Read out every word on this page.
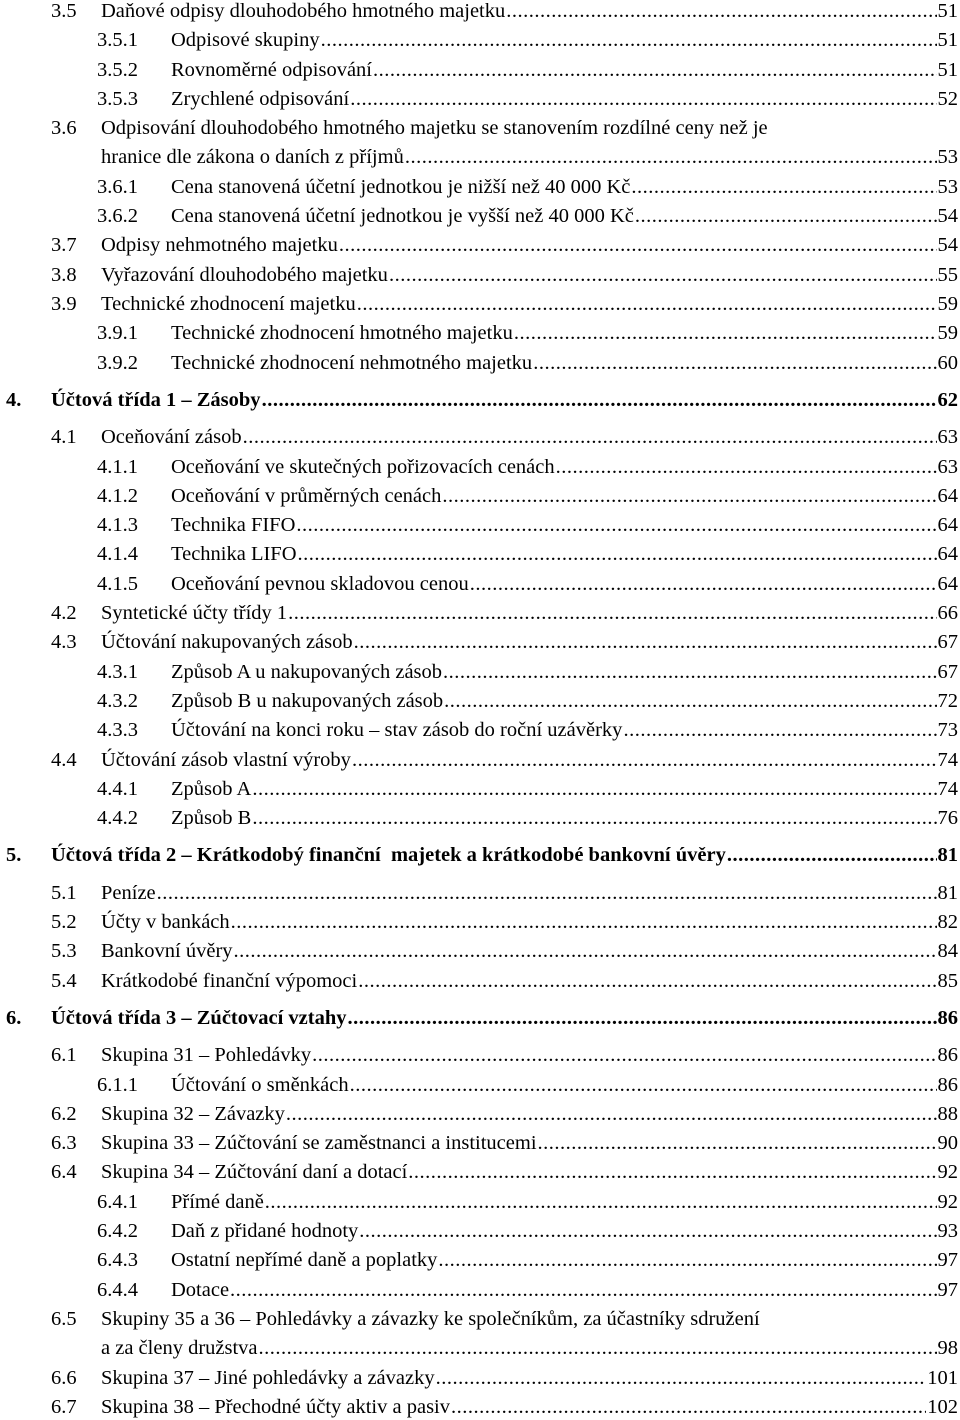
3.5 Daňové odpisy dlouhodobého hmotného majetku .....	51
3.5.1 Odpisové skupiny .....	51
3.5.2 Rovnoměrné odpisování .....	51
3.5.3 Zrychlené odpisování .....	52
3.6 Odpisování dlouhodobého hmotného majetku se stanovením rozdílné ceny než je
hranice dle zákona o daních z příjmů .....	53
3.6.1 Cena stanovená účetní jednotkou je nižší než 40 000 Kč .....	53
3.6.2 Cena stanovená účetní jednotkou je vyšší než 40 000 Kč .....	54
3.7 Odpisy nehmotného majetku .....	54
3.8 Vyřazování dlouhodobého majetku .....	55
3.9 Technické zhodnocení majetku .....	59
3.9.1 Technické zhodnocení hmotného majetku .....	59
3.9.2 Technické zhodnocení nehmotného majetku .....	60
4. Účtová třída 1 – Zásoby .....	62
4.1 Oceňování zásob .....	63
4.1.1 Oceňování ve skutečných pořizovacích cenách .....	63
4.1.2 Oceňování v průměrných cenách .....	64
4.1.3 Technika FIFO .....	64
4.1.4 Technika LIFO .....	64
4.1.5 Oceňování pevnou skladovou cenou .....	64
4.2 Syntetické účty třídy 1 .....	66
4.3 Účtování nakupovaných zásob .....	67
4.3.1 Způsob A u nakupovaných zásob .....	67
4.3.2 Způsob B u nakupovaných zásob .....	72
4.3.3 Účtování na konci roku – stav zásob do roční uzávěrky .....	73
4.4 Účtování zásob vlastní výroby .....	74
4.4.1 Způsob A .....	74
4.4.2 Způsob B .....	76
5. Účtová třída 2 – Krátkodobý finanční  majetek a krátkodobé bankovní úvěry .....	81
5.1 Peníze .....	81
5.2 Účty v bankách .....	82
5.3 Bankovní úvěry .....	84
5.4 Krátkodobé finanční výpomoci .....	85
6. Účtová třída 3 – Zúčtovací vztahy .....	86
6.1 Skupina 31 – Pohledávky .....	86
6.1.1 Účtování o směnkách .....	86
6.2 Skupina 32 – Závazky .....	88
6.3 Skupina 33 – Zúčtování se zaměstnanci a institucemi .....	90
6.4 Skupina 34 – Zúčtování daní a dotací .....	92
6.4.1 Přímé daně .....	92
6.4.2 Daň z přidané hodnoty .....	93
6.4.3 Ostatní nepřímé daně a poplatky .....	97
6.4.4 Dotace .....	97
6.5 Skupiny 35 a 36 – Pohledávky a závazky ke společníkům, za účastníky sdružení
a za členy družstva .....	98
6.6 Skupina 37 – Jiné pohledávky a závazky .....	101
6.7 Skupina 38 – Přechodné účty aktiv a pasiv .....	102
